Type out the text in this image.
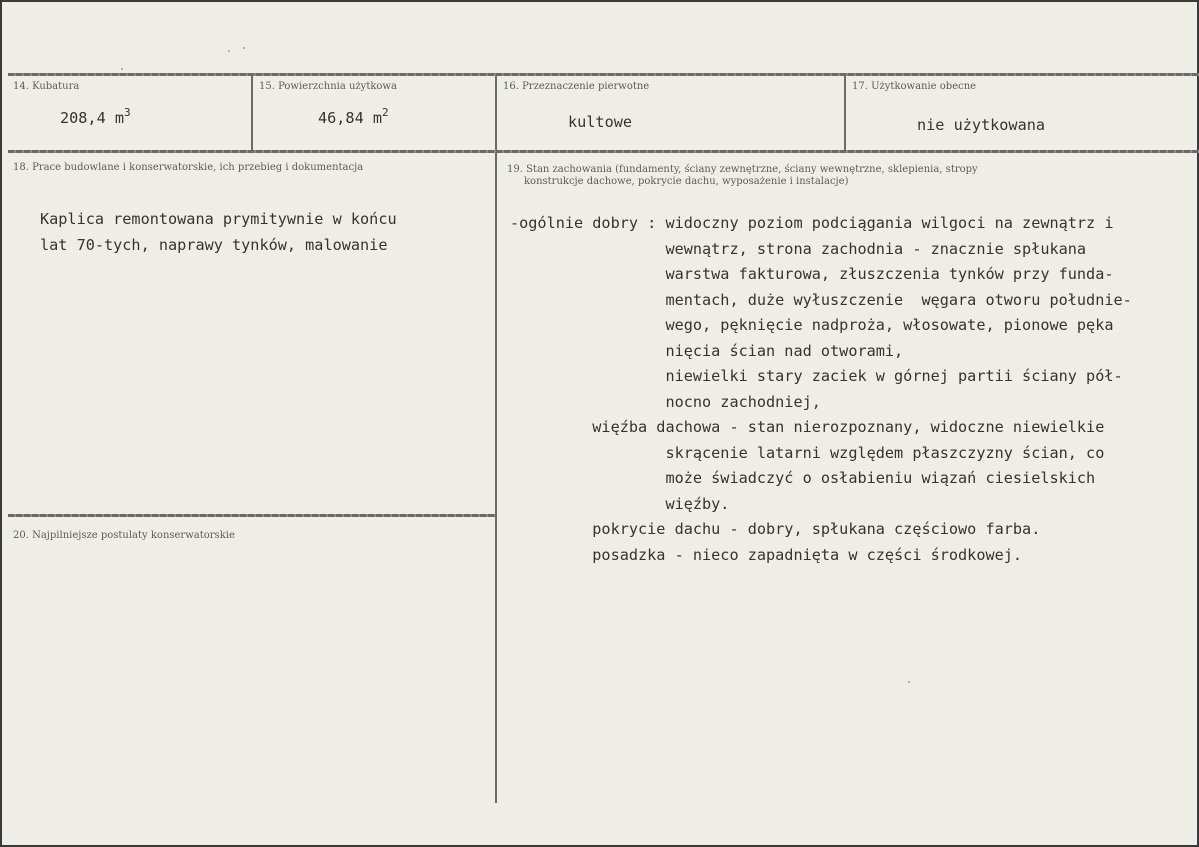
14. Kubatura
208,4 $m^3$
15. Powierzchnia użytkowa
46,84 $m^2$
16. Przeznaczenie pierwotne
kultowe
17. Użytkowanie obecne
nie użytkowana
18. Prace budowlane i konserwatorskie, ich przebieg i dokumentacja
Kaplica remontowana prymitywnie w końcu
lat 70-tych, naprawy tynków, malowanie
19. Stan zachowania (fundamenty, ściany zewnętrzne, ściany wewnętrzne, sklepienia, stropy
konstrukcje dachowe, pokrycie dachu, wyposażenie i instalacje)
-ogólnie dobry : widoczny poziom podciągania wilgoci na zewnątrz i
wewnątrz, strona zachodnia - znacznie spłukana
warstwa fakturowa, złuszczenia tynków przy funda-
mentach, duże wyłuszczenie  węgara otworu południe-
wego, pęknięcie nadproża, włosowate, pionowe pęka
nięcia ścian nad otworami,
niewielki stary zaciek w górnej partii ściany pół-
nocno zachodniej,
więźba dachowa - stan nierozpoznany, widoczne niewielkie
skrącenie latarni względem płaszczyzny ścian, co
może świadczyć o osłabieniu wiązań ciesielskich
więźby.
pokrycie dachu - dobry, spłukana częściowo farba.
posadzka - nieco zapadnięta w części środkowej.
20. Najpilniejsze postulaty konserwatorskie
